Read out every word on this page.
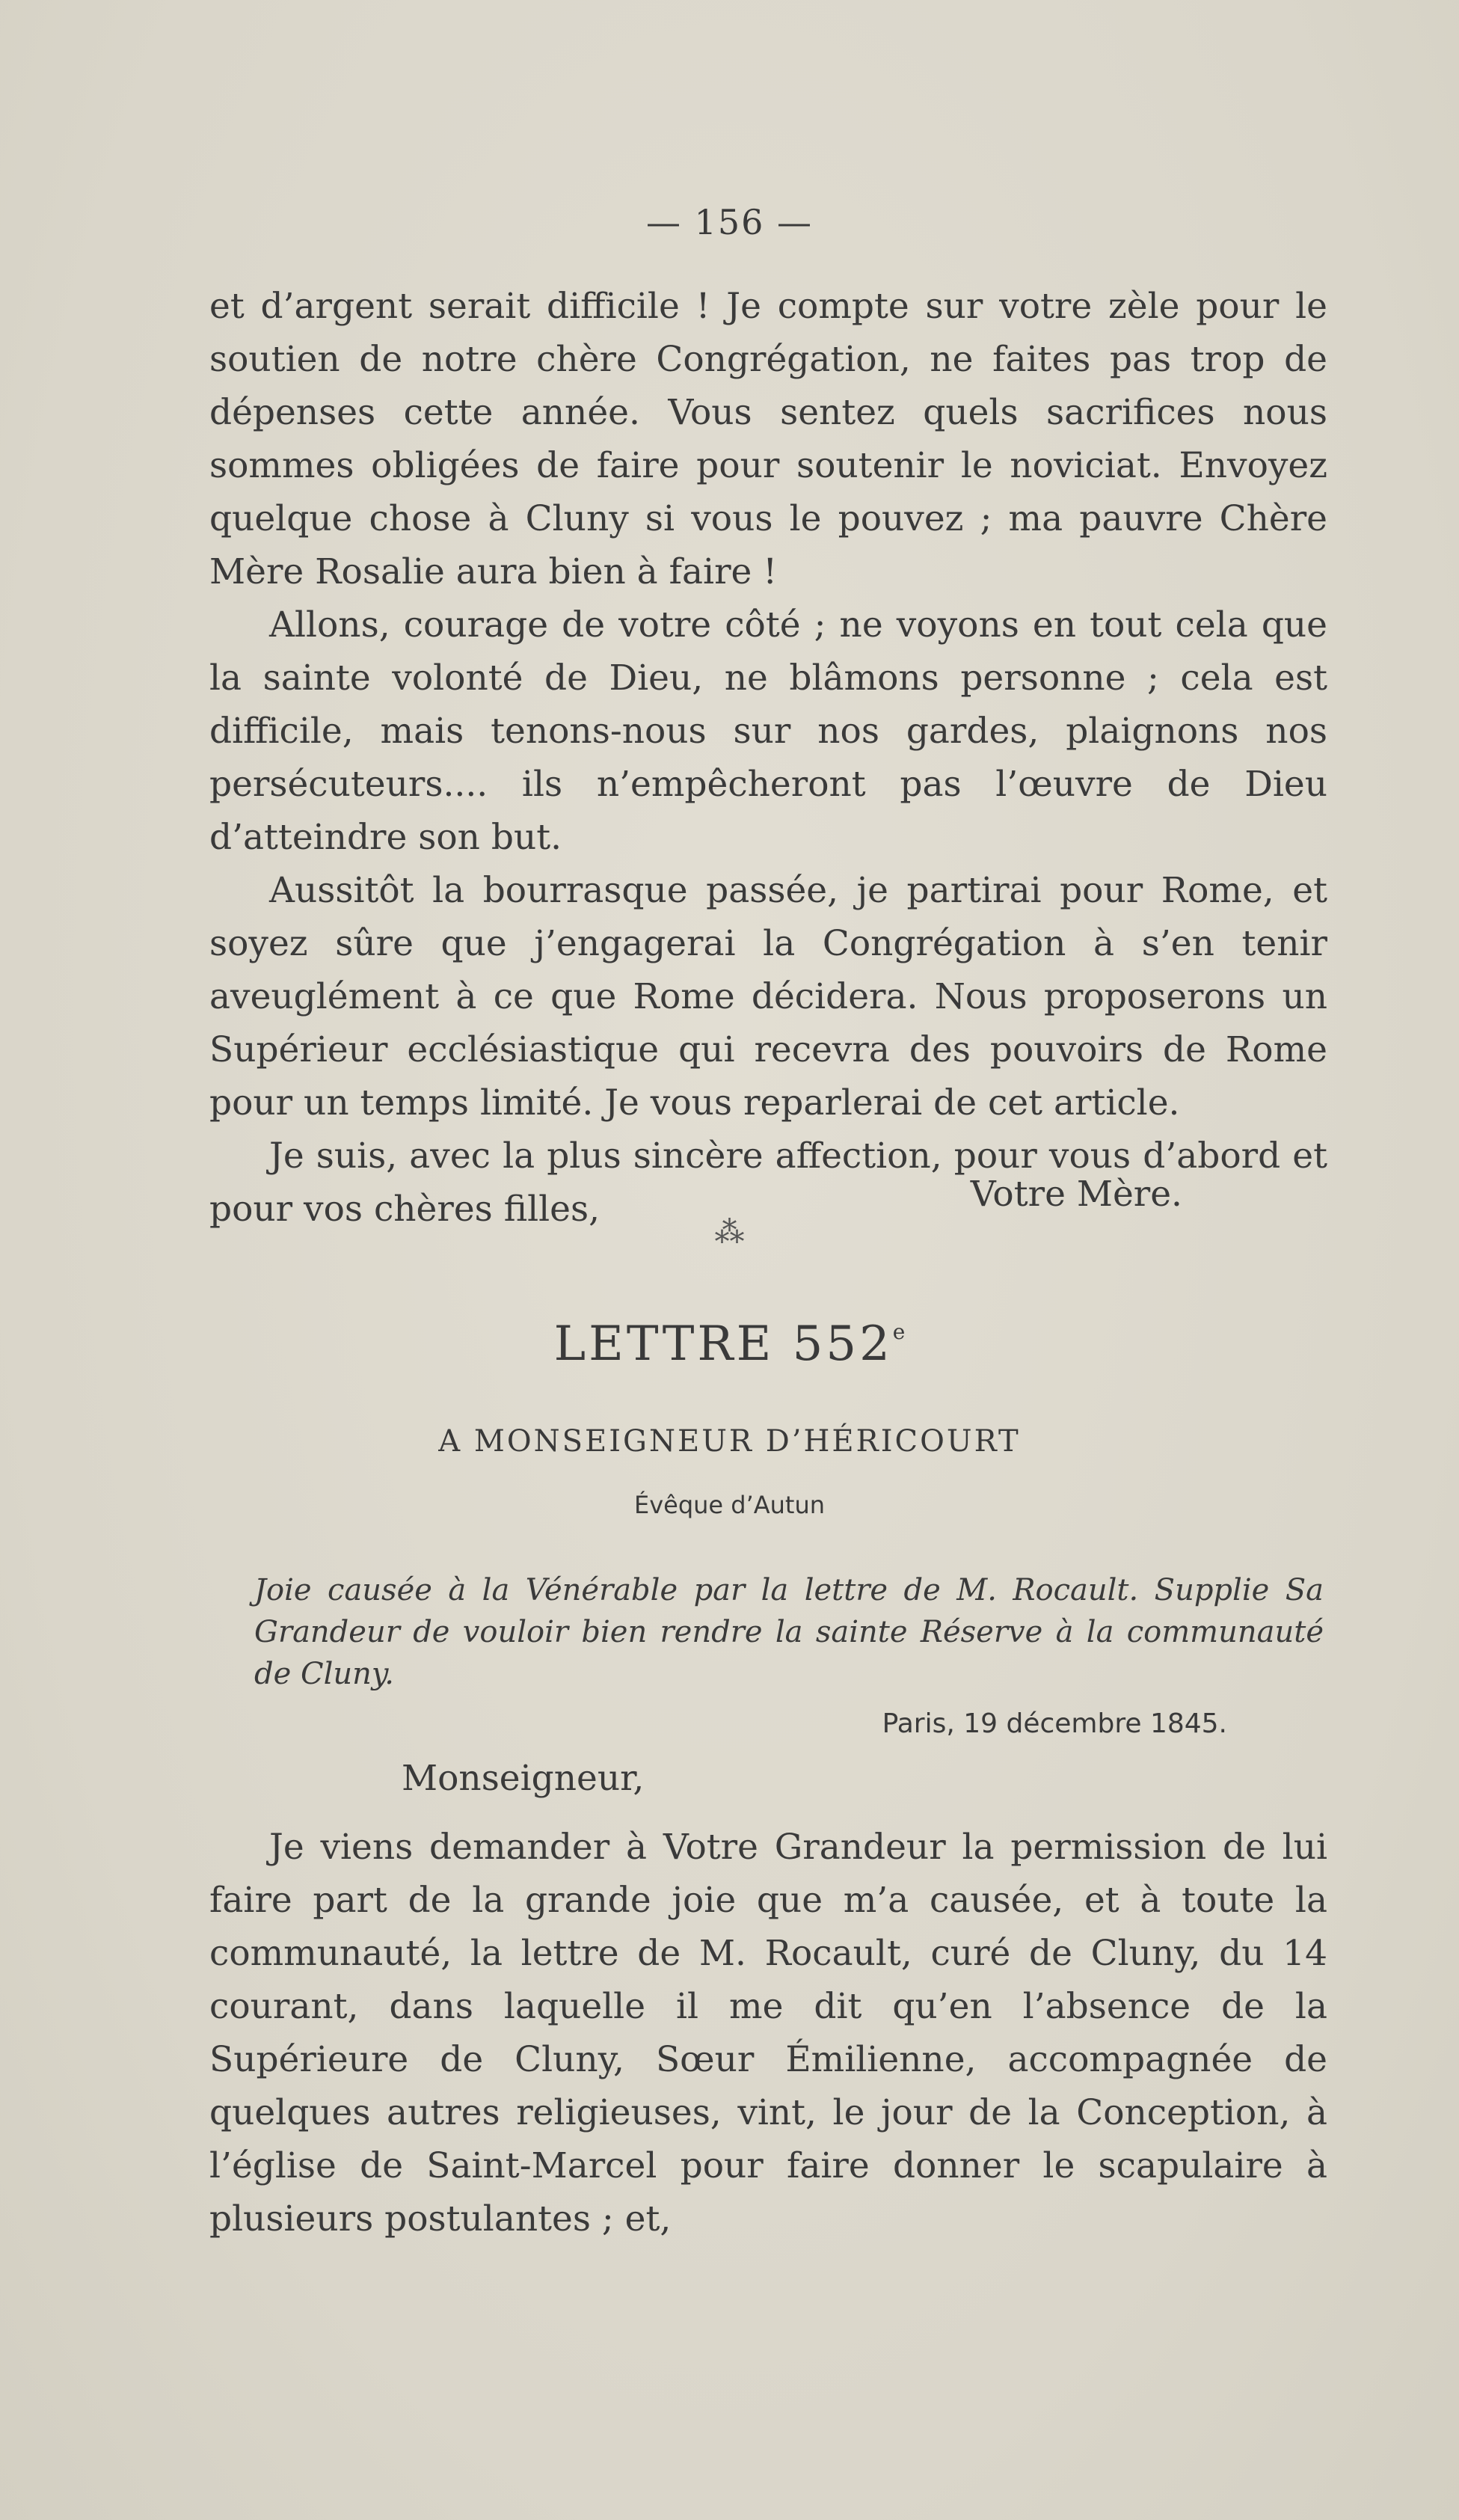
— 156 —

et d’argent serait difficile ! Je compte sur votre zèle pour le soutien de notre chère Congrégation, ne faites pas trop de dépenses cette année. Vous sentez quels sacrifices nous sommes obligées de faire pour soutenir le noviciat. Envoyez quelque chose à Cluny si vous le pouvez ; ma pauvre Chère Mère Rosalie aura bien à faire !

Allons, courage de votre côté ; ne voyons en tout cela que la sainte volonté de Dieu, ne blâmons personne ; cela est difficile, mais tenons-nous sur nos gardes, plaignons nos persécuteurs.... ils n’empêcheront pas l’œuvre de Dieu d’atteindre son but.

Aussitôt la bourrasque passée, je partirai pour Rome, et soyez sûre que j’engagerai la Congrégation à s’en tenir aveuglément à ce que Rome décidera. Nous proposerons un Supérieur ecclésiastique qui recevra des pouvoirs de Rome pour un temps limité. Je vous reparlerai de cet article.

Je suis, avec la plus sincère affection, pour vous d’abord et pour vos chères filles,	Votre Mère.
⁂
LETTRE 552e
A MONSEIGNEUR D’HÉRICOURT
Évêque d’Autun

Joie causée à la Vénérable par la lettre de M. Rocault. Supplie Sa Grandeur de vouloir bien rendre la sainte Réserve à la communauté de Cluny.

Paris, 19 décembre 1845.
Monseigneur,

Je viens demander à Votre Grandeur la permission de lui faire part de la grande joie que m’a causée, et à toute la communauté, la lettre de M. Rocault, curé de Cluny, du 14 courant, dans laquelle il me dit qu’en l’absence de la Supérieure de Cluny, Sœur Émilienne, accompagnée de quelques autres religieuses, vint, le jour de la Conception, à l’église de Saint-Marcel pour faire donner le scapulaire à plusieurs postulantes ; et,
